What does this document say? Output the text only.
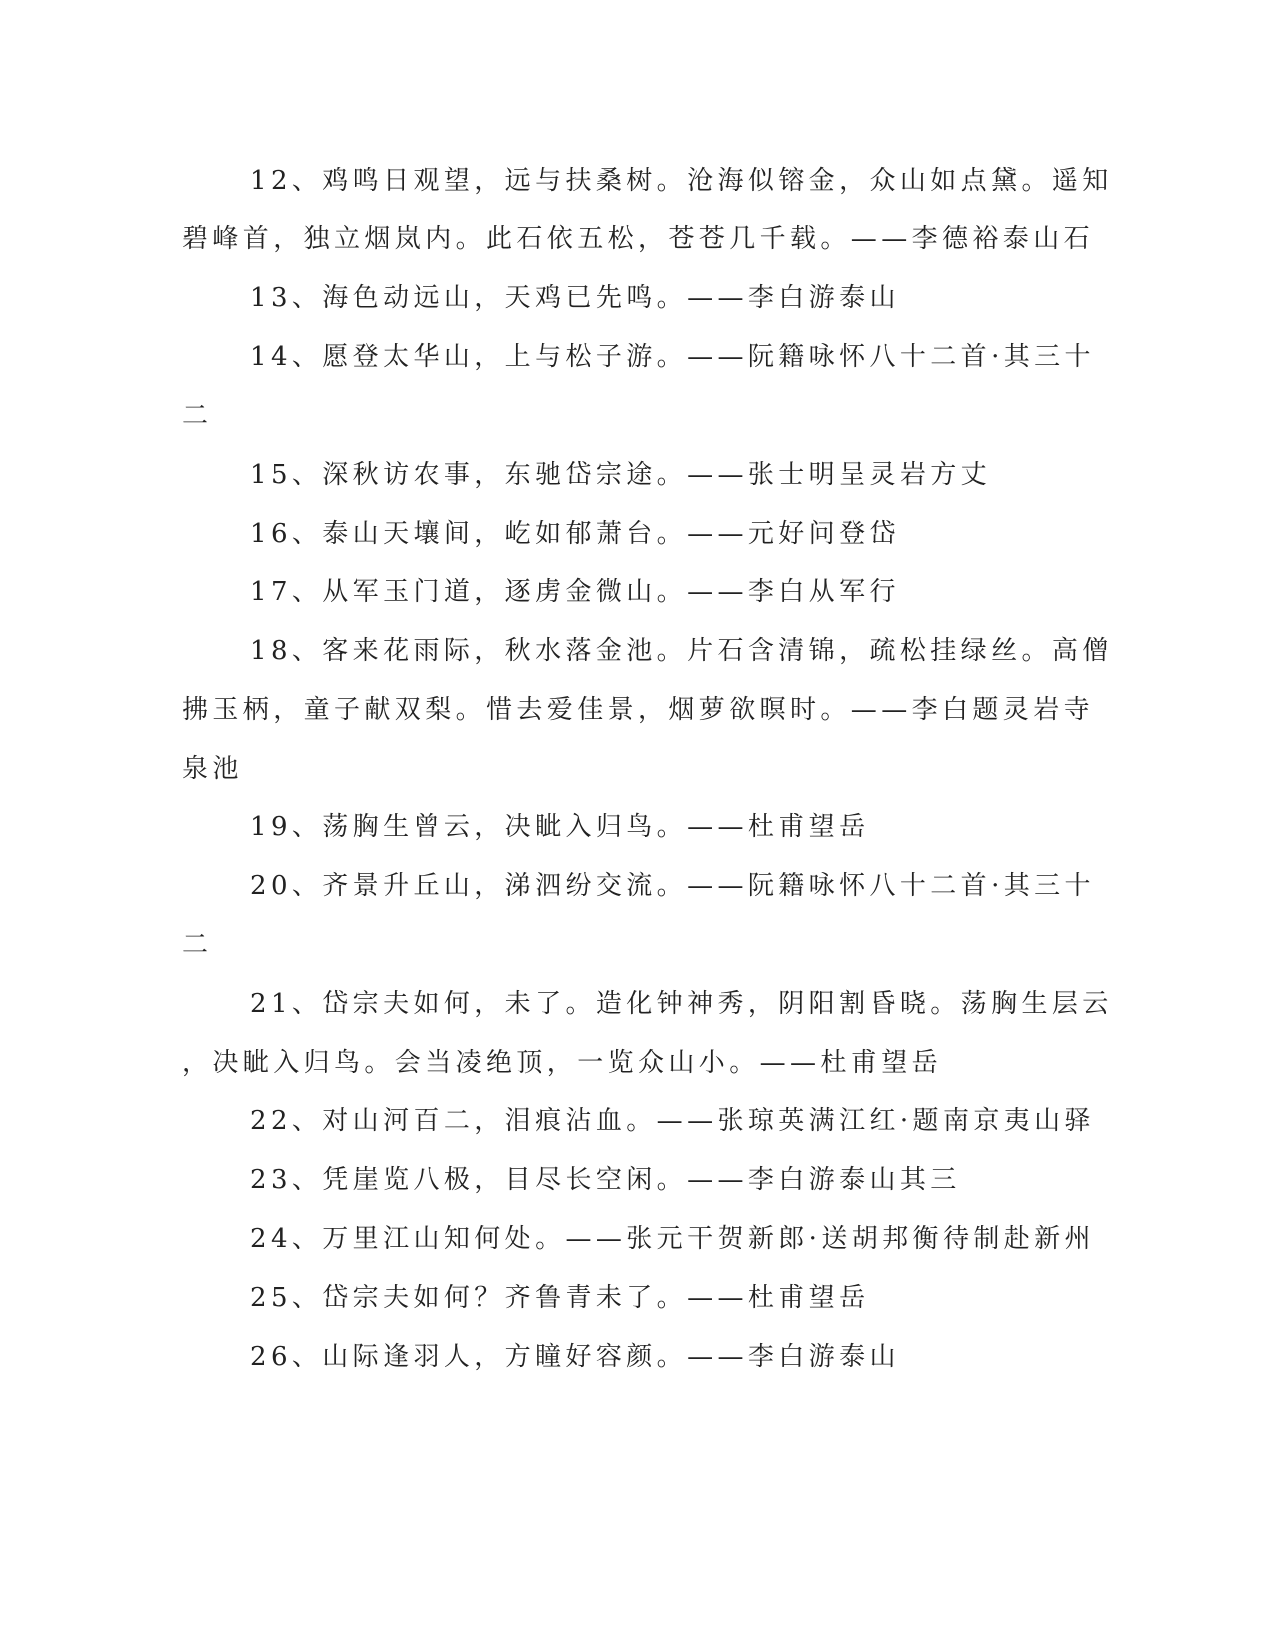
12、鸡鸣日观望，远与扶桑树。沧海似镕金，众山如点黛。遥知
碧峰首，独立烟岚内。此石依五松，苍苍几千载。——李德裕泰山石
13、海色动远山，天鸡已先鸣。——李白游泰山
14、愿登太华山，上与松子游。——阮籍咏怀八十二首·其三十
二
15、深秋访农事，东驰岱宗途。——张士明呈灵岩方丈
16、泰山天壤间，屹如郁萧台。——元好问登岱
17、从军玉门道，逐虏金微山。——李白从军行
18、客来花雨际，秋水落金池。片石含清锦，疏松挂绿丝。高僧
拂玉柄，童子献双梨。惜去爱佳景，烟萝欲暝时。——李白题灵岩寺
泉池
19、荡胸生曾云，决眦入归鸟。——杜甫望岳
20、齐景升丘山，涕泗纷交流。——阮籍咏怀八十二首·其三十
二
21、岱宗夫如何，未了。造化钟神秀，阴阳割昏晓。荡胸生层云
，决眦入归鸟。会当凌绝顶，一览众山小。——杜甫望岳
22、对山河百二，泪痕沾血。——张琼英满江红·题南京夷山驿
23、凭崖览八极，目尽长空闲。——李白游泰山其三
24、万里江山知何处。——张元干贺新郎·送胡邦衡待制赴新州
25、岱宗夫如何？齐鲁青未了。——杜甫望岳
26、山际逢羽人，方瞳好容颜。——李白游泰山
